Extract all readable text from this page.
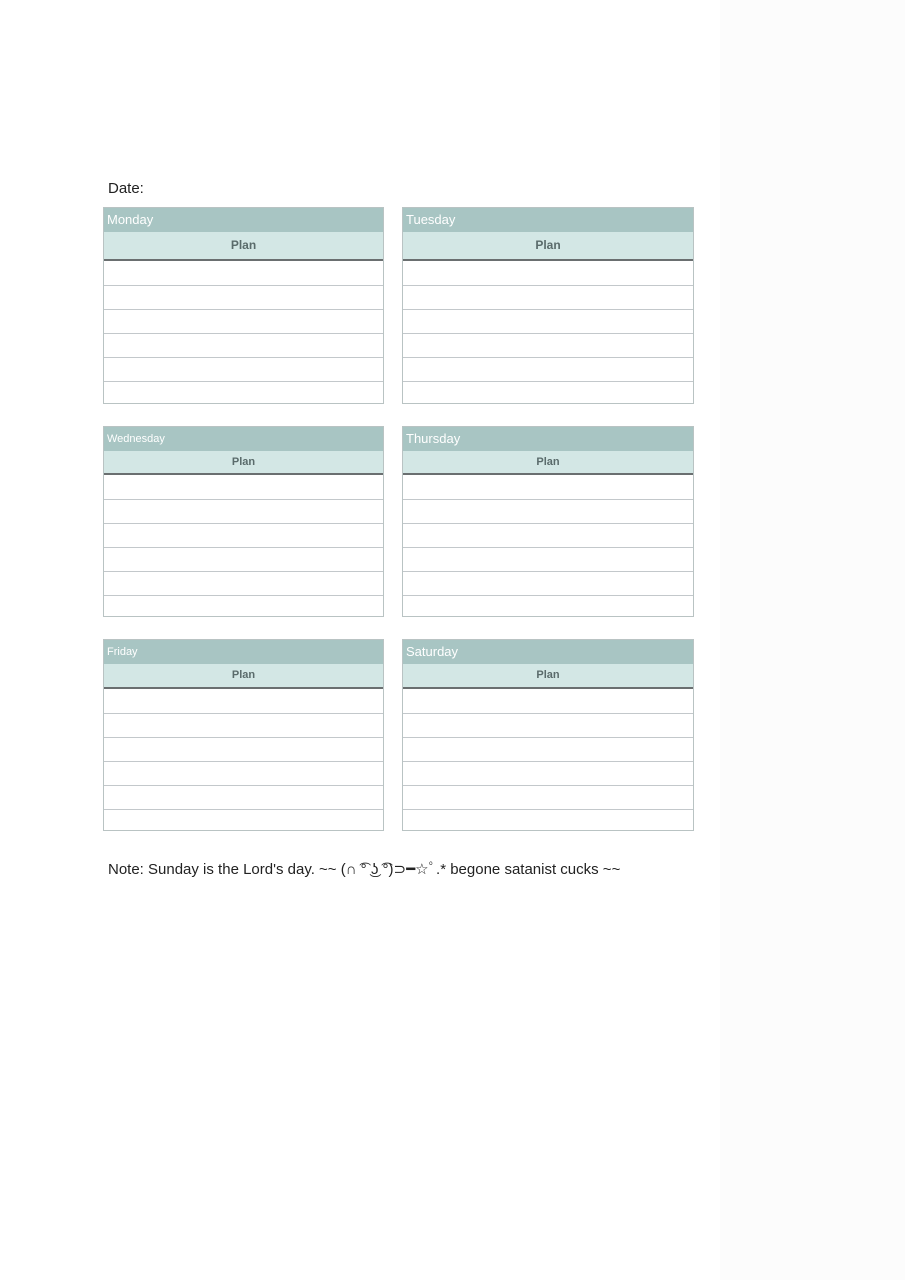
Date:
Monday
Plan
Tuesday
Plan
Wednesday
Plan
Thursday
Plan
Friday
Plan
Saturday
Plan
Note: Sunday is the Lord's day. ~~ (∩ ͡° ͜ʖ ͡°)⊃━☆ﾟ.* begone satanist cucks ~~
